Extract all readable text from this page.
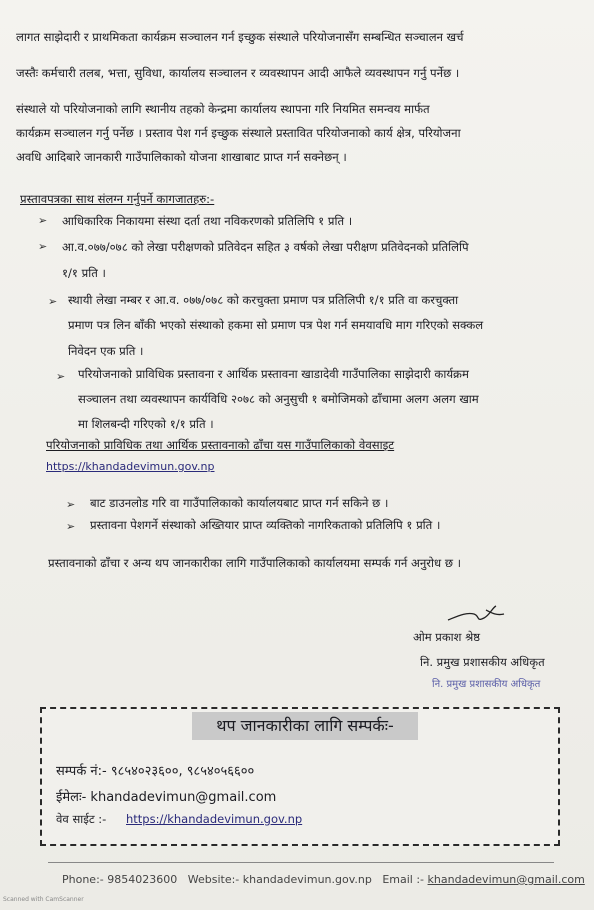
लागत साझेदारी र प्राथमिकता कार्यक्रम सञ्चालन गर्न इच्छुक संस्थाले परियोजनासँग सम्बन्धित सञ्चालन खर्च
जस्तैः कर्मचारी तलब, भत्ता, सुविधा, कार्यालय सञ्चालन र व्यवस्थापन आदी आफैले व्यवस्थापन गर्नु पर्नेछ ।
संस्थाले यो परियोजनाको लागि स्थानीय तहको केन्द्रमा कार्यालय स्थापना गरि नियमित समन्वय मार्फत
कार्यक्रम सञ्चालन गर्नु पर्नेछ । प्रस्ताव पेश गर्न इच्छुक संस्थाले प्रस्तावित परियोजनाको कार्य क्षेत्र, परियोजना
अवधि आदिबारे जानकारी गाउँपालिकाको योजना शाखाबाट प्राप्त गर्न सक्नेछन् ।
प्रस्तावपत्रका साथ संलग्न गर्नुपर्ने कागजातहरु:-
➢ आधिकारिक निकायमा संस्था दर्ता तथा नविकरणको प्रतिलिपि १ प्रति ।
➢ आ.व.०७७/०७८ को लेखा परीक्षणको प्रतिवेदन सहित ३ वर्षको लेखा परीक्षण प्रतिवेदनको प्रतिलिपि
१/१ प्रति ।
➢ स्थायी लेखा नम्बर र आ.व. ०७७/०७८ को करचुक्ता प्रमाण पत्र प्रतिलिपी १/१ प्रति वा करचुक्ता
प्रमाण पत्र लिन बाँकी भएको संस्थाको हकमा सो प्रमाण पत्र पेश गर्न समयावधि माग गरिएको सक्कल
निवेदन एक प्रति ।
➢ परियोजनाको प्राविधिक प्रस्तावना र आर्थिक प्रस्तावना खाडादेवी गाउँपालिका साझेदारी कार्यक्रम
सञ्चालन तथा व्यवस्थापन कार्यविधि २०७८ को अनुसुची १ बमोजिमको ढाँचामा अलग अलग खाम
मा शिलबन्दी गरिएको १/१ प्रति ।
परियोजनाको प्राविधिक तथा आर्थिक प्रस्तावनाको ढाँचा यस गाउँपालिकाको वेवसाइट
https://khandadevimun.gov.np
➢ बाट डाउनलोड गरि वा गाउँपालिकाको कार्यालयबाट प्राप्त गर्न सकिने छ ।
➢ प्रस्तावना पेशगर्ने संस्थाको अख्तियार प्राप्त व्यक्तिको नागरिकताको प्रतिलिपि १ प्रति ।
प्रस्तावनाको ढाँचा र अन्य थप जानकारीका लागि गाउँपालिकाको कार्यालयमा सम्पर्क गर्न अनुरोध छ ।
ओम प्रकाश श्रेष्ठ
नि. प्रमुख प्रशासकीय अधिकृत
नि. प्रमुख प्रशासकीय अधिकृत
थप जानकारीका लागि सम्पर्कः-
सम्पर्क नं:- ९८५४०२३६००, ९८५४०५६६००
ईमेलः- khandadevimun@gmail.com
वेव साईट :- https://khandadevimun.gov.np
Phone:- 9854023600 Website:- khandadevimun.gov.np Email :- khandadevimun@gmail.com
Scanned with CamScanner
